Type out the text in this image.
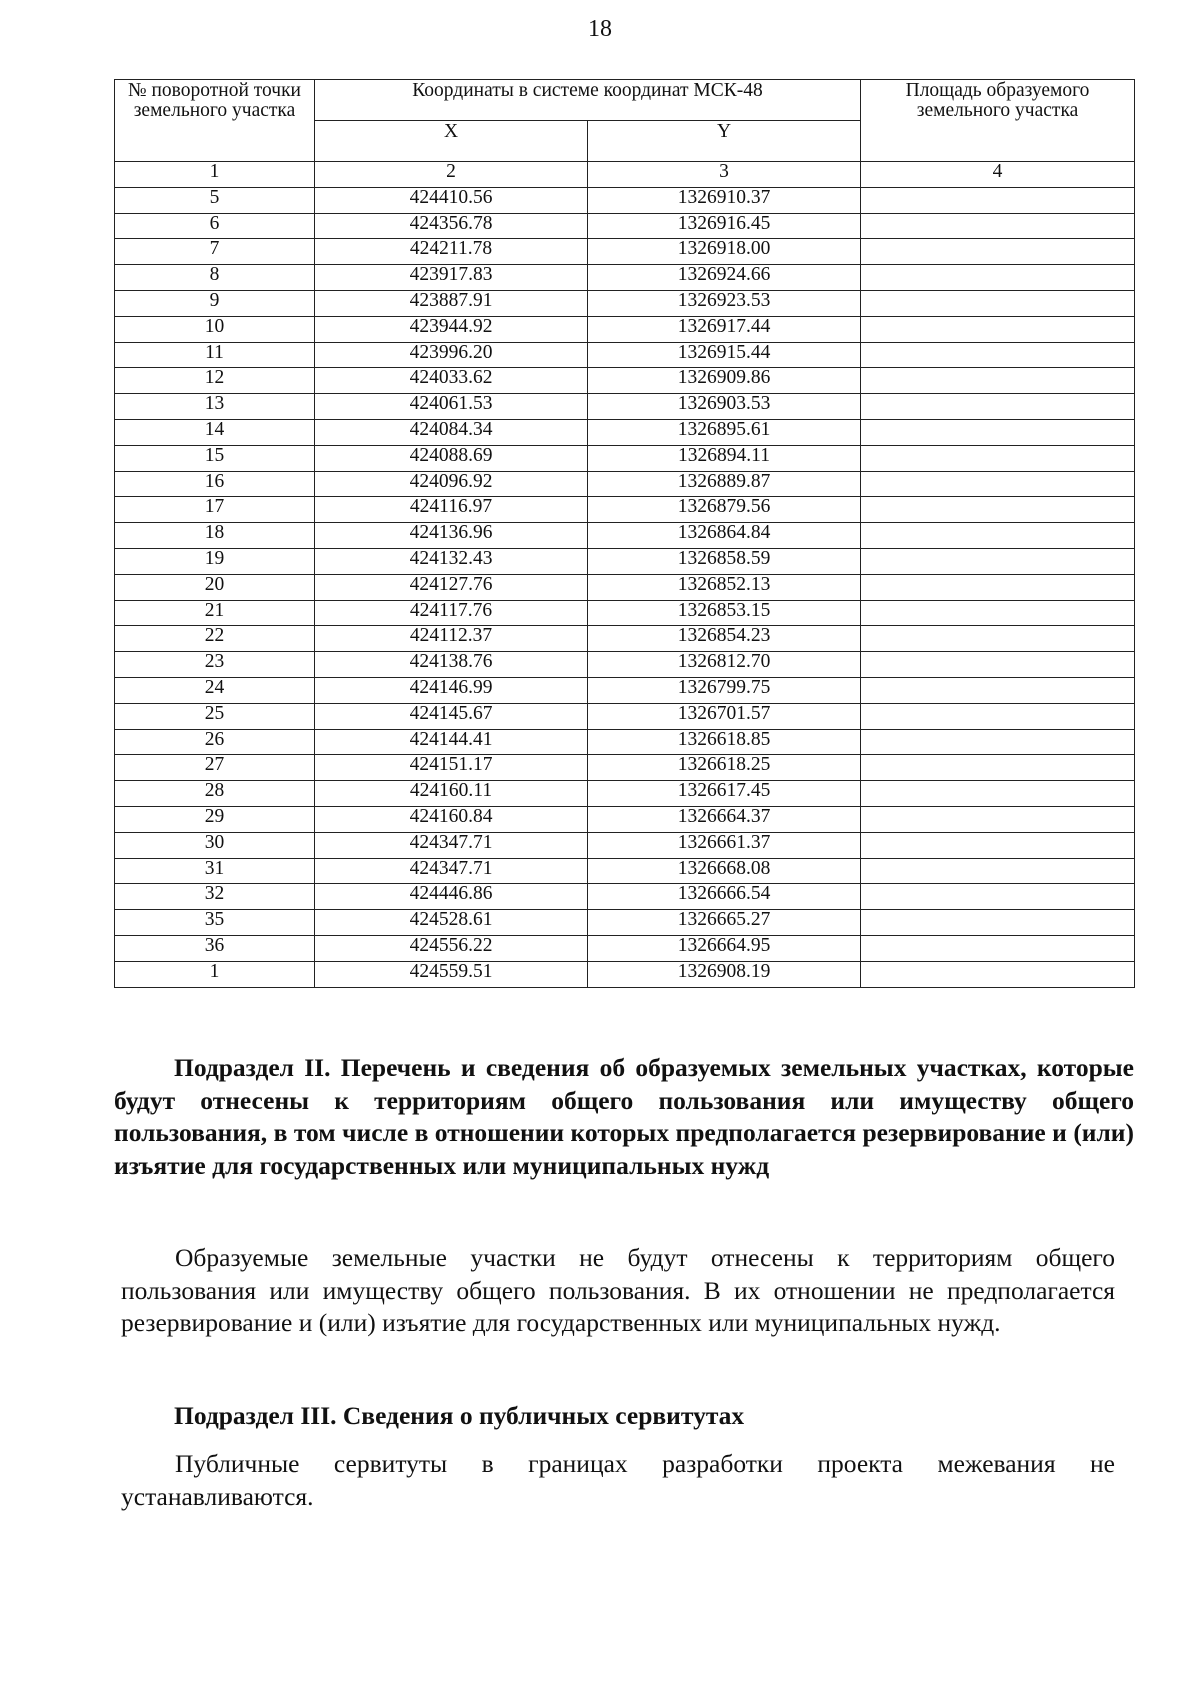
18
№ поворотной точки земельного участка	Координаты в системе координат МСК-48		Площадь образуемого земельного участка
	X	Y	
1	2	3	4
5	424410.56	1326910.37	
6	424356.78	1326916.45	
7	424211.78	1326918.00	
8	423917.83	1326924.66	
9	423887.91	1326923.53	
10	423944.92	1326917.44	
11	423996.20	1326915.44	
12	424033.62	1326909.86	
13	424061.53	1326903.53	
14	424084.34	1326895.61	
15	424088.69	1326894.11	
16	424096.92	1326889.87	
17	424116.97	1326879.56	
18	424136.96	1326864.84	
19	424132.43	1326858.59	
20	424127.76	1326852.13	
21	424117.76	1326853.15	
22	424112.37	1326854.23	
23	424138.76	1326812.70	
24	424146.99	1326799.75	
25	424145.67	1326701.57	
26	424144.41	1326618.85	
27	424151.17	1326618.25	
28	424160.11	1326617.45	
29	424160.84	1326664.37	
30	424347.71	1326661.37	
31	424347.71	1326668.08	
32	424446.86	1326666.54	
35	424528.61	1326665.27	
36	424556.22	1326664.95	
1	424559.51	1326908.19	
Подраздел II. Перечень и сведения об образуемых земельных участках, которые будут отнесены к территориям общего пользования или имуществу общего пользования, в том числе в отношении которых предполагается резервирование и (или) изъятие для государственных или муниципальных нужд

Образуемые земельные участки не будут отнесены к территориям общего пользования или имуществу общего пользования. В их отношении не предполагается резервирование и (или) изъятие для государственных или муниципальных нужд.

Подраздел III. Сведения о публичных сервитутах

Публичные сервитуты в границах разработки проекта межевания не устанавливаются.
